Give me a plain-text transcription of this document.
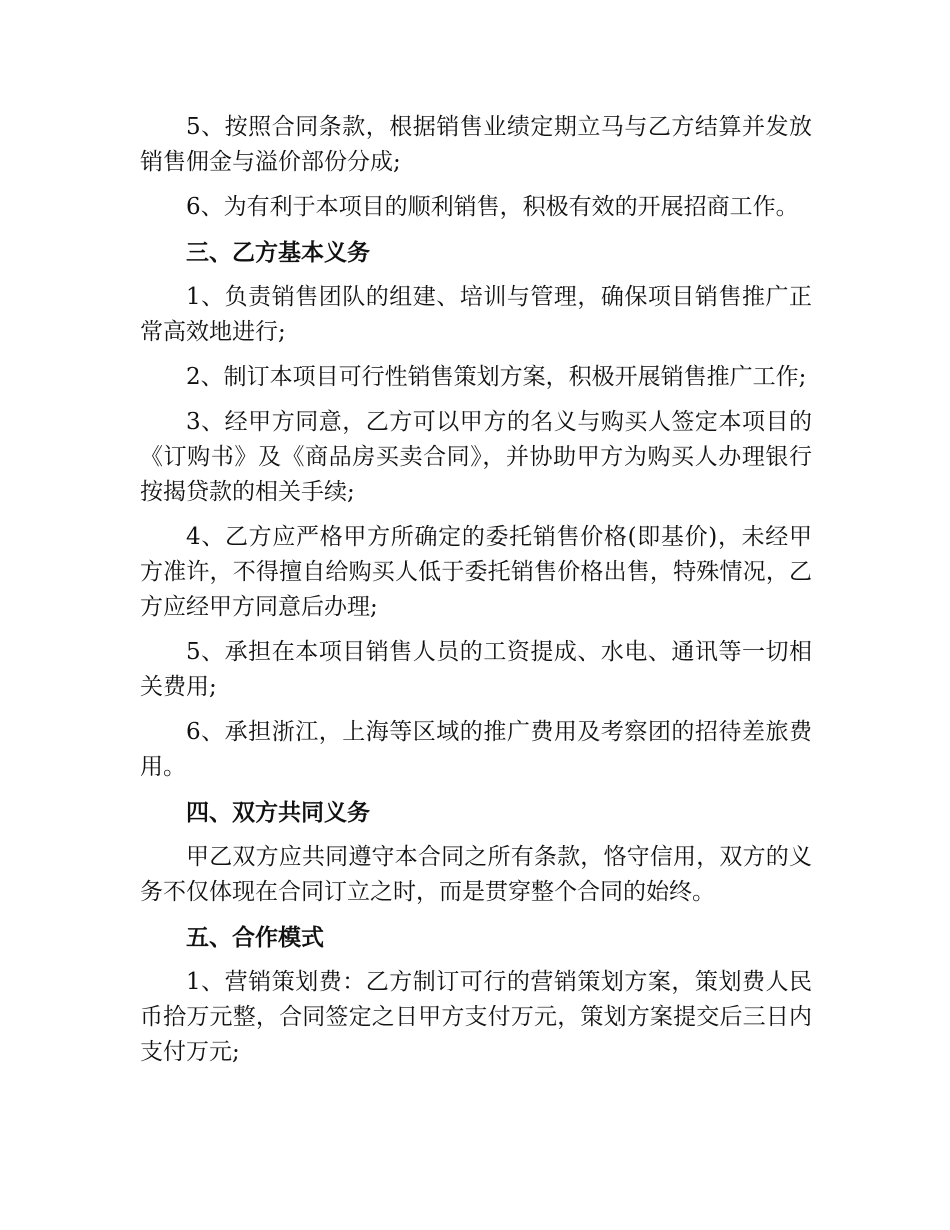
5、按照合同条款，根据销售业绩定期立马与乙方结算并发放销售佣金与溢价部份分成;

6、为有利于本项目的顺利销售，积极有效的开展招商工作。

三、乙方基本义务

1、负责销售团队的组建、培训与管理，确保项目销售推广正常高效地进行;

2、制订本项目可行性销售策划方案，积极开展销售推广工作;

3、经甲方同意，乙方可以甲方的名义与购买人签定本项目的《订购书》及《商品房买卖合同》，并协助甲方为购买人办理银行按揭贷款的相关手续;

4、乙方应严格甲方所确定的委托销售价格(即基价)，未经甲方准许，不得擅自给购买人低于委托销售价格出售，特殊情况，乙方应经甲方同意后办理;

5、承担在本项目销售人员的工资提成、水电、通讯等一切相关费用;

6、承担浙江，上海等区域的推广费用及考察团的招待差旅费用。

四、双方共同义务

甲乙双方应共同遵守本合同之所有条款，恪守信用，双方的义务不仅体现在合同订立之时，而是贯穿整个合同的始终。

五、合作模式

1、营销策划费：乙方制订可行的营销策划方案，策划费人民币拾万元整，合同签定之日甲方支付万元，策划方案提交后三日内支付万元;
